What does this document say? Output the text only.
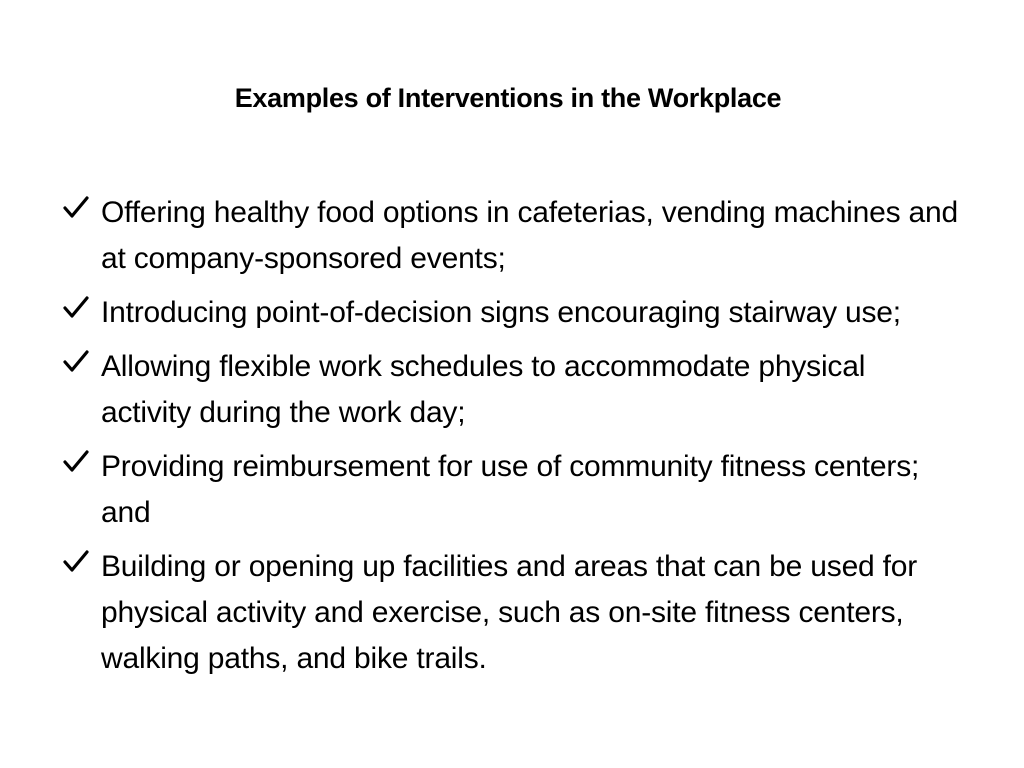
Examples of Interventions in the Workplace
Offering healthy food options in cafeterias, vending machines and at company-sponsored events;
Introducing point-of-decision signs encouraging stairway use;
Allowing flexible work schedules to accommodate physical activity during the work day;
Providing reimbursement for use of community fitness centers; and
Building or opening up facilities and areas that can be used for physical activity and exercise, such as on-site fitness centers, walking paths, and bike trails.
